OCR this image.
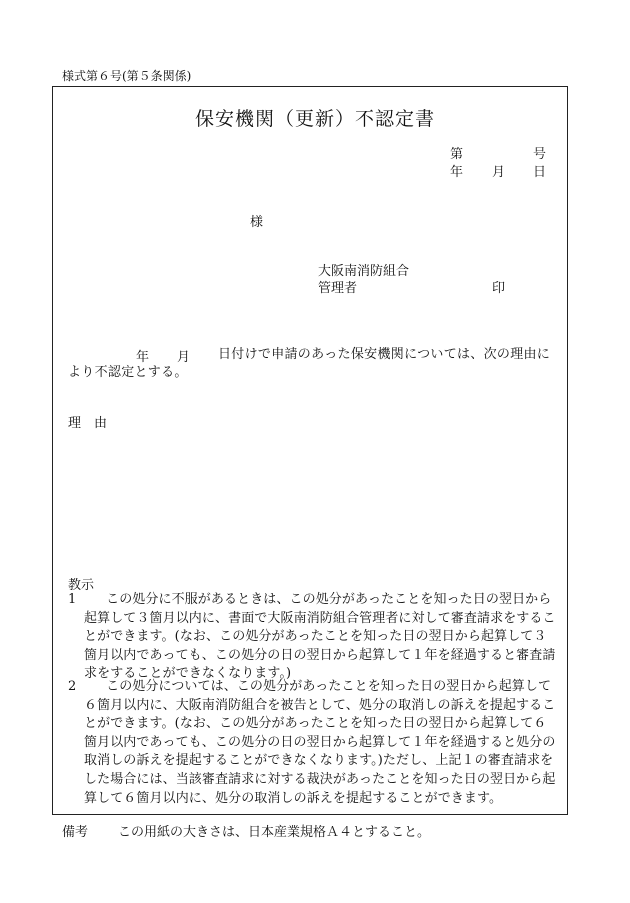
様式第６号(第５条関係)
保安機関（更新）不認定書
第	号
年 月 日
様
大阪南消防組合
管理者	印
年 月	日付けで申請のあった保安機関については、次の理由により不認定とする。
理　由
教示
1	この処分に不服があるときは、この処分があったことを知った日の翌日から起算して３箇月以内に、書面で大阪南消防組合管理者に対して審査請求をすることができます。(なお、この処分があったことを知った日の翌日から起算して３箇月以内であっても、この処分の日の翌日から起算して１年を経過すると審査請求をすることができなくなります。)
2	この処分については、この処分があったことを知った日の翌日から起算して６箇月以内に、大阪南消防組合を被告として、処分の取消しの訴えを提起することができます。(なお、この処分があったことを知った日の翌日から起算して６箇月以内であっても、この処分の日の翌日から起算して１年を経過すると処分の取消しの訴えを提起することができなくなります。)ただし、上記１の審査請求をした場合には、当該審査請求に対する裁決があったことを知った日の翌日から起算して６箇月以内に、処分の取消しの訴えを提起することができます。
備考 この用紙の大きさは、日本産業規格Ａ４とすること。
